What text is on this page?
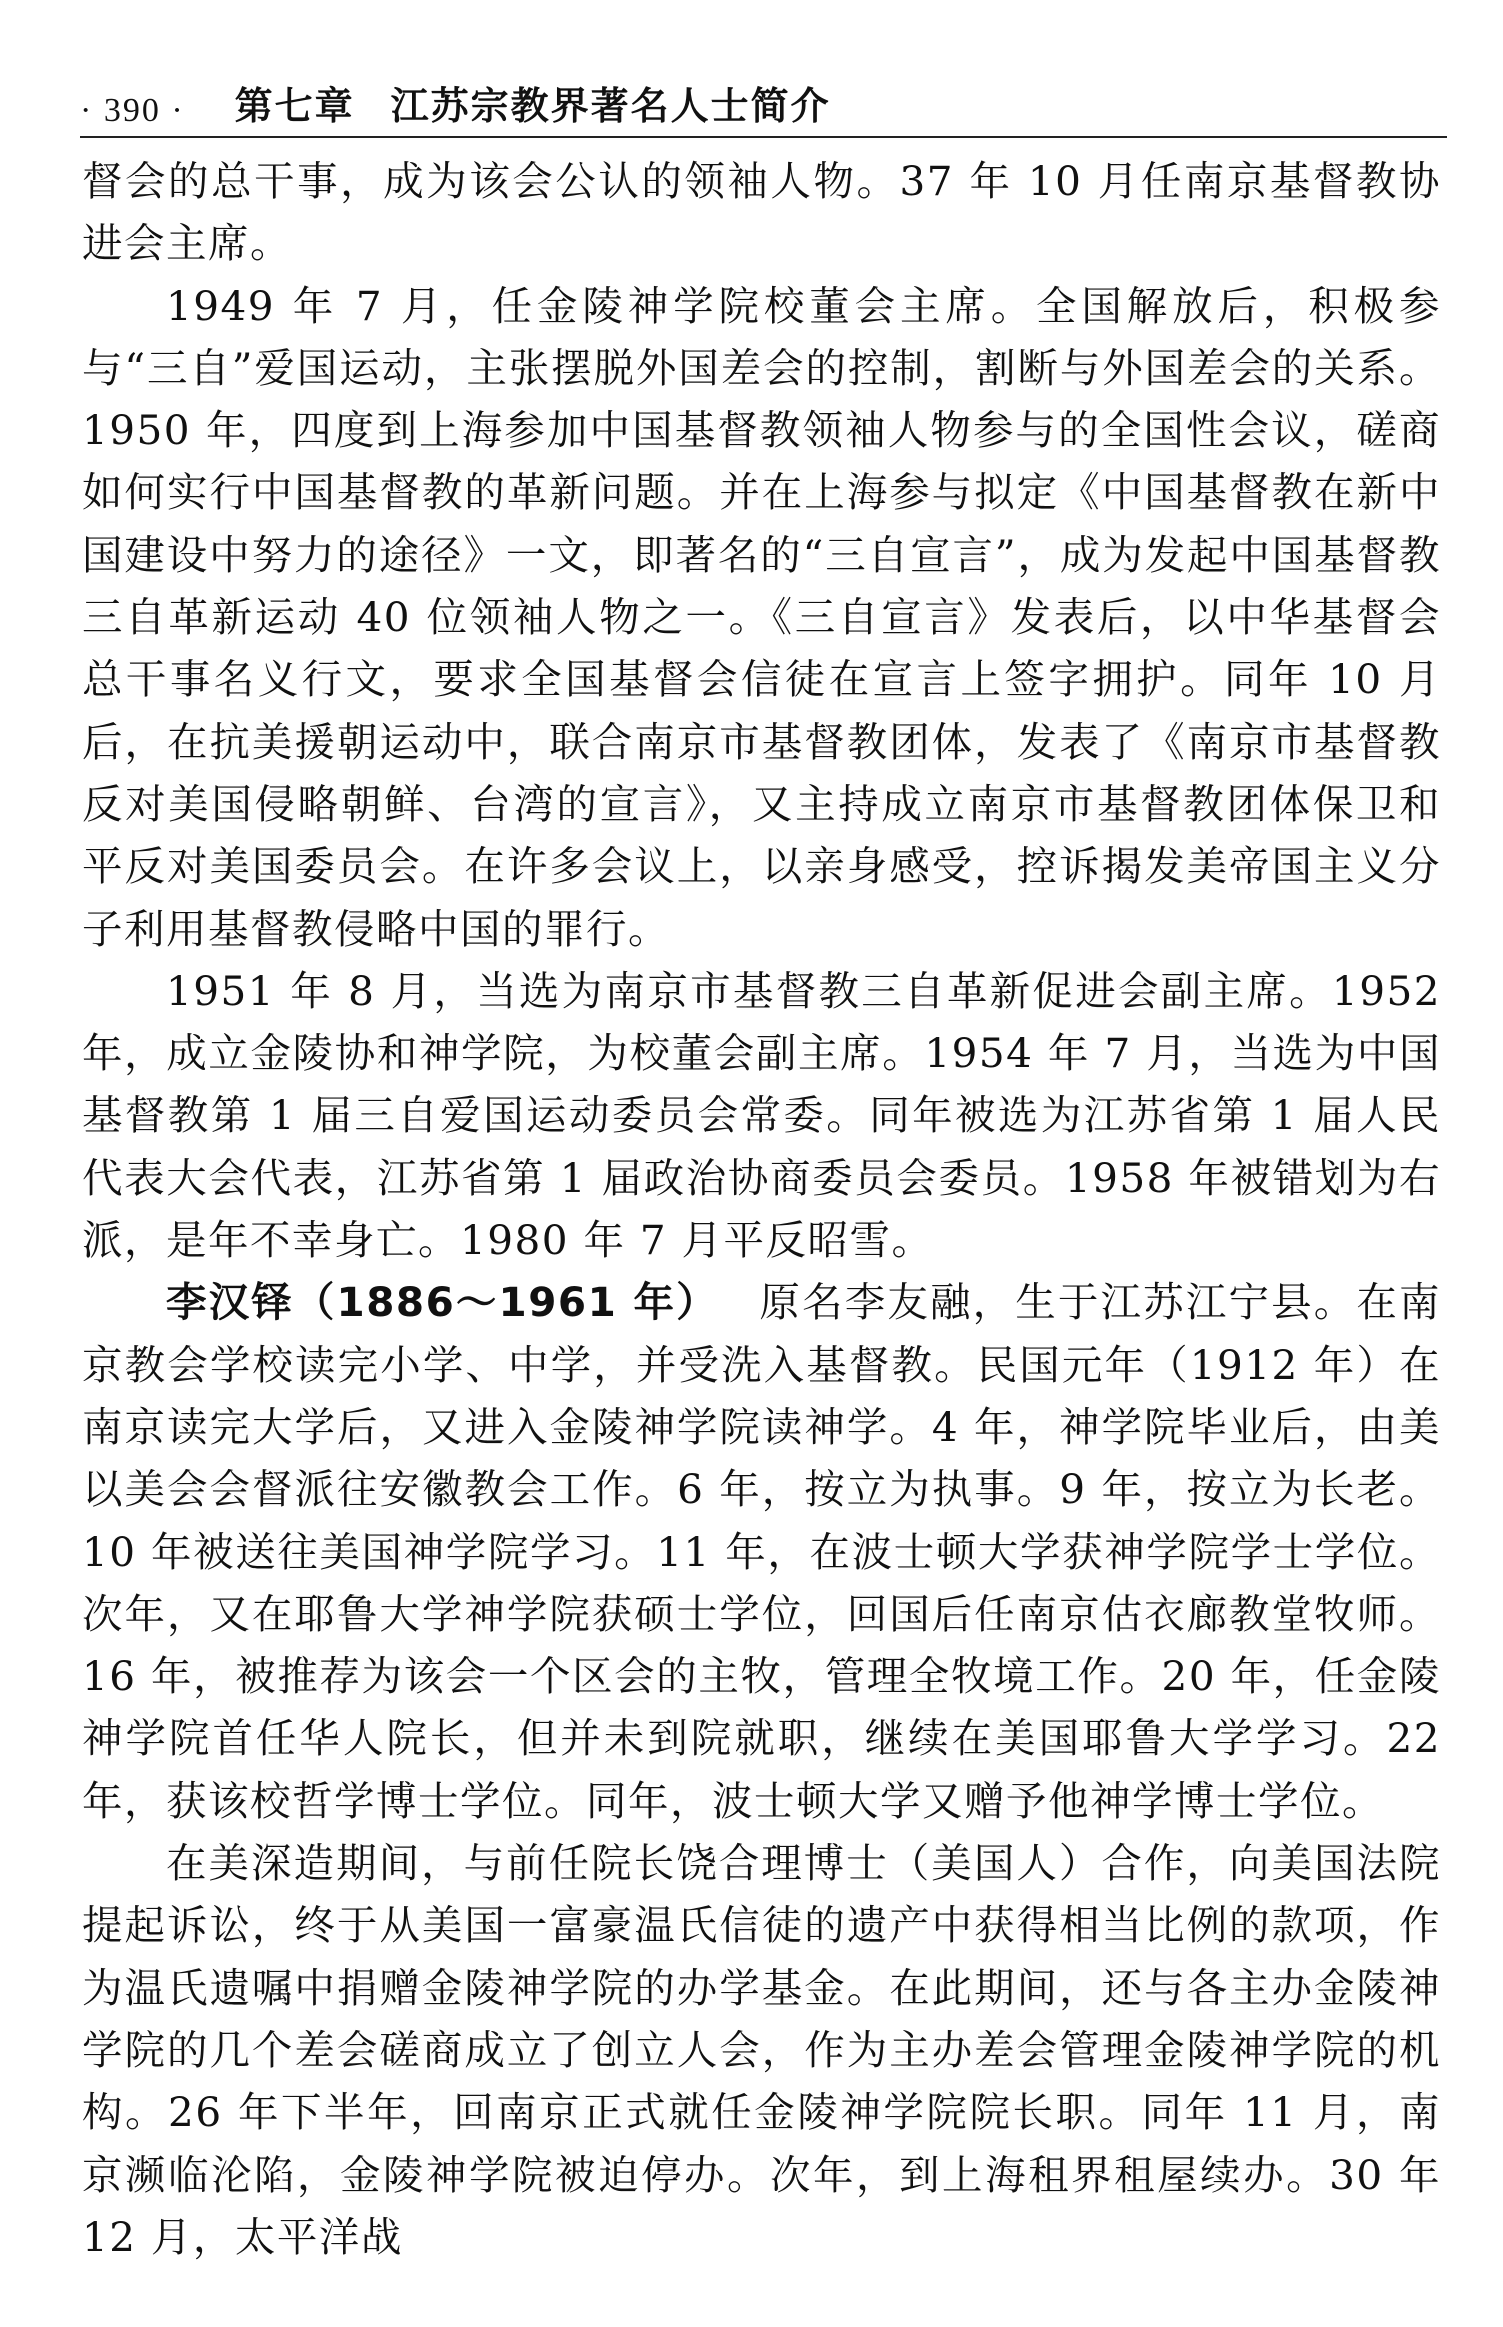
· 390 · 第七章 江苏宗教界著名人士简介

督会的总干事，成为该会公认的领袖人物。37 年 10 月任南京基督教协进会主席。

1949 年 7 月，任金陵神学院校董会主席。全国解放后，积极参与“三自”爱国运动，主张摆脱外国差会的控制，割断与外国差会的关系。1950 年，四度到上海参加中国基督教领袖人物参与的全国性会议，磋商如何实行中国基督教的革新问题。并在上海参与拟定《中国基督教在新中国建设中努力的途径》一文，即著名的“三自宣言”，成为发起中国基督教三自革新运动 40 位领袖人物之一。《三自宣言》发表后，以中华基督会总干事名义行文，要求全国基督会信徒在宣言上签字拥护。同年 10 月后，在抗美援朝运动中，联合南京市基督教团体，发表了《南京市基督教反对美国侵略朝鲜、台湾的宣言》，又主持成立南京市基督教团体保卫和平反对美国委员会。在许多会议上，以亲身感受，控诉揭发美帝国主义分子利用基督教侵略中国的罪行。

1951 年 8 月，当选为南京市基督教三自革新促进会副主席。1952 年，成立金陵协和神学院，为校董会副主席。1954 年 7 月，当选为中国基督教第 1 届三自爱国运动委员会常委。同年被选为江苏省第 1 届人民代表大会代表，江苏省第 1 届政治协商委员会委员。1958 年被错划为右派，是年不幸身亡。1980 年 7 月平反昭雪。

李汉铎（1886～1961 年） 原名李友融，生于江苏江宁县。在南京教会学校读完小学、中学，并受洗入基督教。民国元年（1912 年）在南京读完大学后，又进入金陵神学院读神学。4 年，神学院毕业后，由美以美会会督派往安徽教会工作。6 年，按立为执事。9 年，按立为长老。10 年被送往美国神学院学习。11 年，在波士顿大学获神学院学士学位。次年，又在耶鲁大学神学院获硕士学位，回国后任南京估衣廊教堂牧师。16 年，被推荐为该会一个区会的主牧，管理全牧境工作。20 年，任金陵神学院首任华人院长，但并未到院就职，继续在美国耶鲁大学学习。22 年，获该校哲学博士学位。同年，波士顿大学又赠予他神学博士学位。

在美深造期间，与前任院长饶合理博士（美国人）合作，向美国法院提起诉讼，终于从美国一富豪温氏信徒的遗产中获得相当比例的款项，作为温氏遗嘱中捐赠金陵神学院的办学基金。在此期间，还与各主办金陵神学院的几个差会磋商成立了创立人会，作为主办差会管理金陵神学院的机构。26 年下半年，回南京正式就任金陵神学院院长职。同年 11 月，南京濒临沦陷，金陵神学院被迫停办。次年，到上海租界租屋续办。30 年 12 月，太平洋战
